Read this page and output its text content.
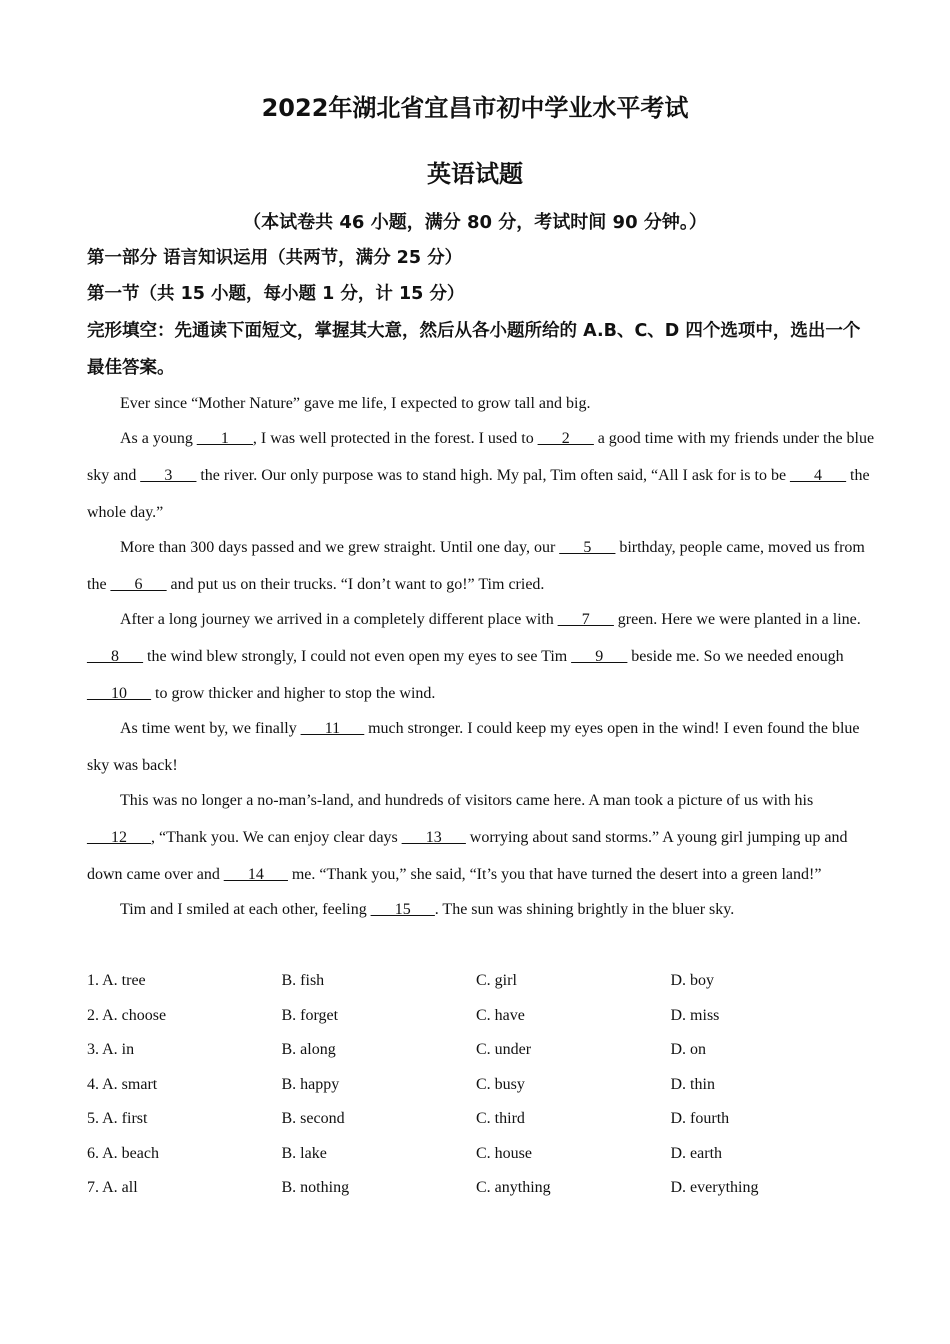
2022年湖北省宜昌市初中学业水平考试
英语试题
（本试卷共 46 小题，满分 80 分，考试时间 90 分钟。）
第一部分 语言知识运用（共两节，满分 25 分）
第一节（共 15 小题，每小题 1 分，计 15 分）
完形填空：先通读下面短文，掌握其大意，然后从各小题所给的 A.B、C、D 四个选项中，选出一个最佳答案。

Ever since “Mother Nature” gave me life, I expected to grow tall and big.

As a young ___1___, I was well protected in the forest. I used to ___2___ a good time with my friends under the blue sky and ___3___ the river. Our only purpose was to stand high. My pal, Tim often said, “All I ask for is to be ___4___ the whole day.”

More than 300 days passed and we grew straight. Until one day, our ___5___ birthday, people came, moved us from the ___6___ and put us on their trucks. “I don’t want to go!” Tim cried.

After a long journey we arrived in a completely different place with ___7___ green. Here we were planted in a line. ___8___ the wind blew strongly, I could not even open my eyes to see Tim ___9___ beside me. So we needed enough ___10___ to grow thicker and higher to stop the wind.

As time went by, we finally ___11___ much stronger. I could keep my eyes open in the wind! I even found the blue sky was back!

This was no longer a no-man’s-land, and hundreds of visitors came here. A man took a picture of us with his ___12___, “Thank you. We can enjoy clear days ___13___ worrying about sand storms.” A young girl jumping up and down came over and ___14___ me. “Thank you,” she said, “It’s you that have turned the desert into a green land!”

Tim and I smiled at each other, feeling ___15___. The sun was shining brightly in the bluer sky.

1. A. tree	B. fish	C. girl	D. boy
2. A. choose	B. forget	C. have	D. miss
3. A. in	B. along	C. under	D. on
4. A. smart	B. happy	C. busy	D. thin
5. A. first	B. second	C. third	D. fourth
6. A. beach	B. lake	C. house	D. earth
7. A. all	B. nothing	C. anything	D. everything
